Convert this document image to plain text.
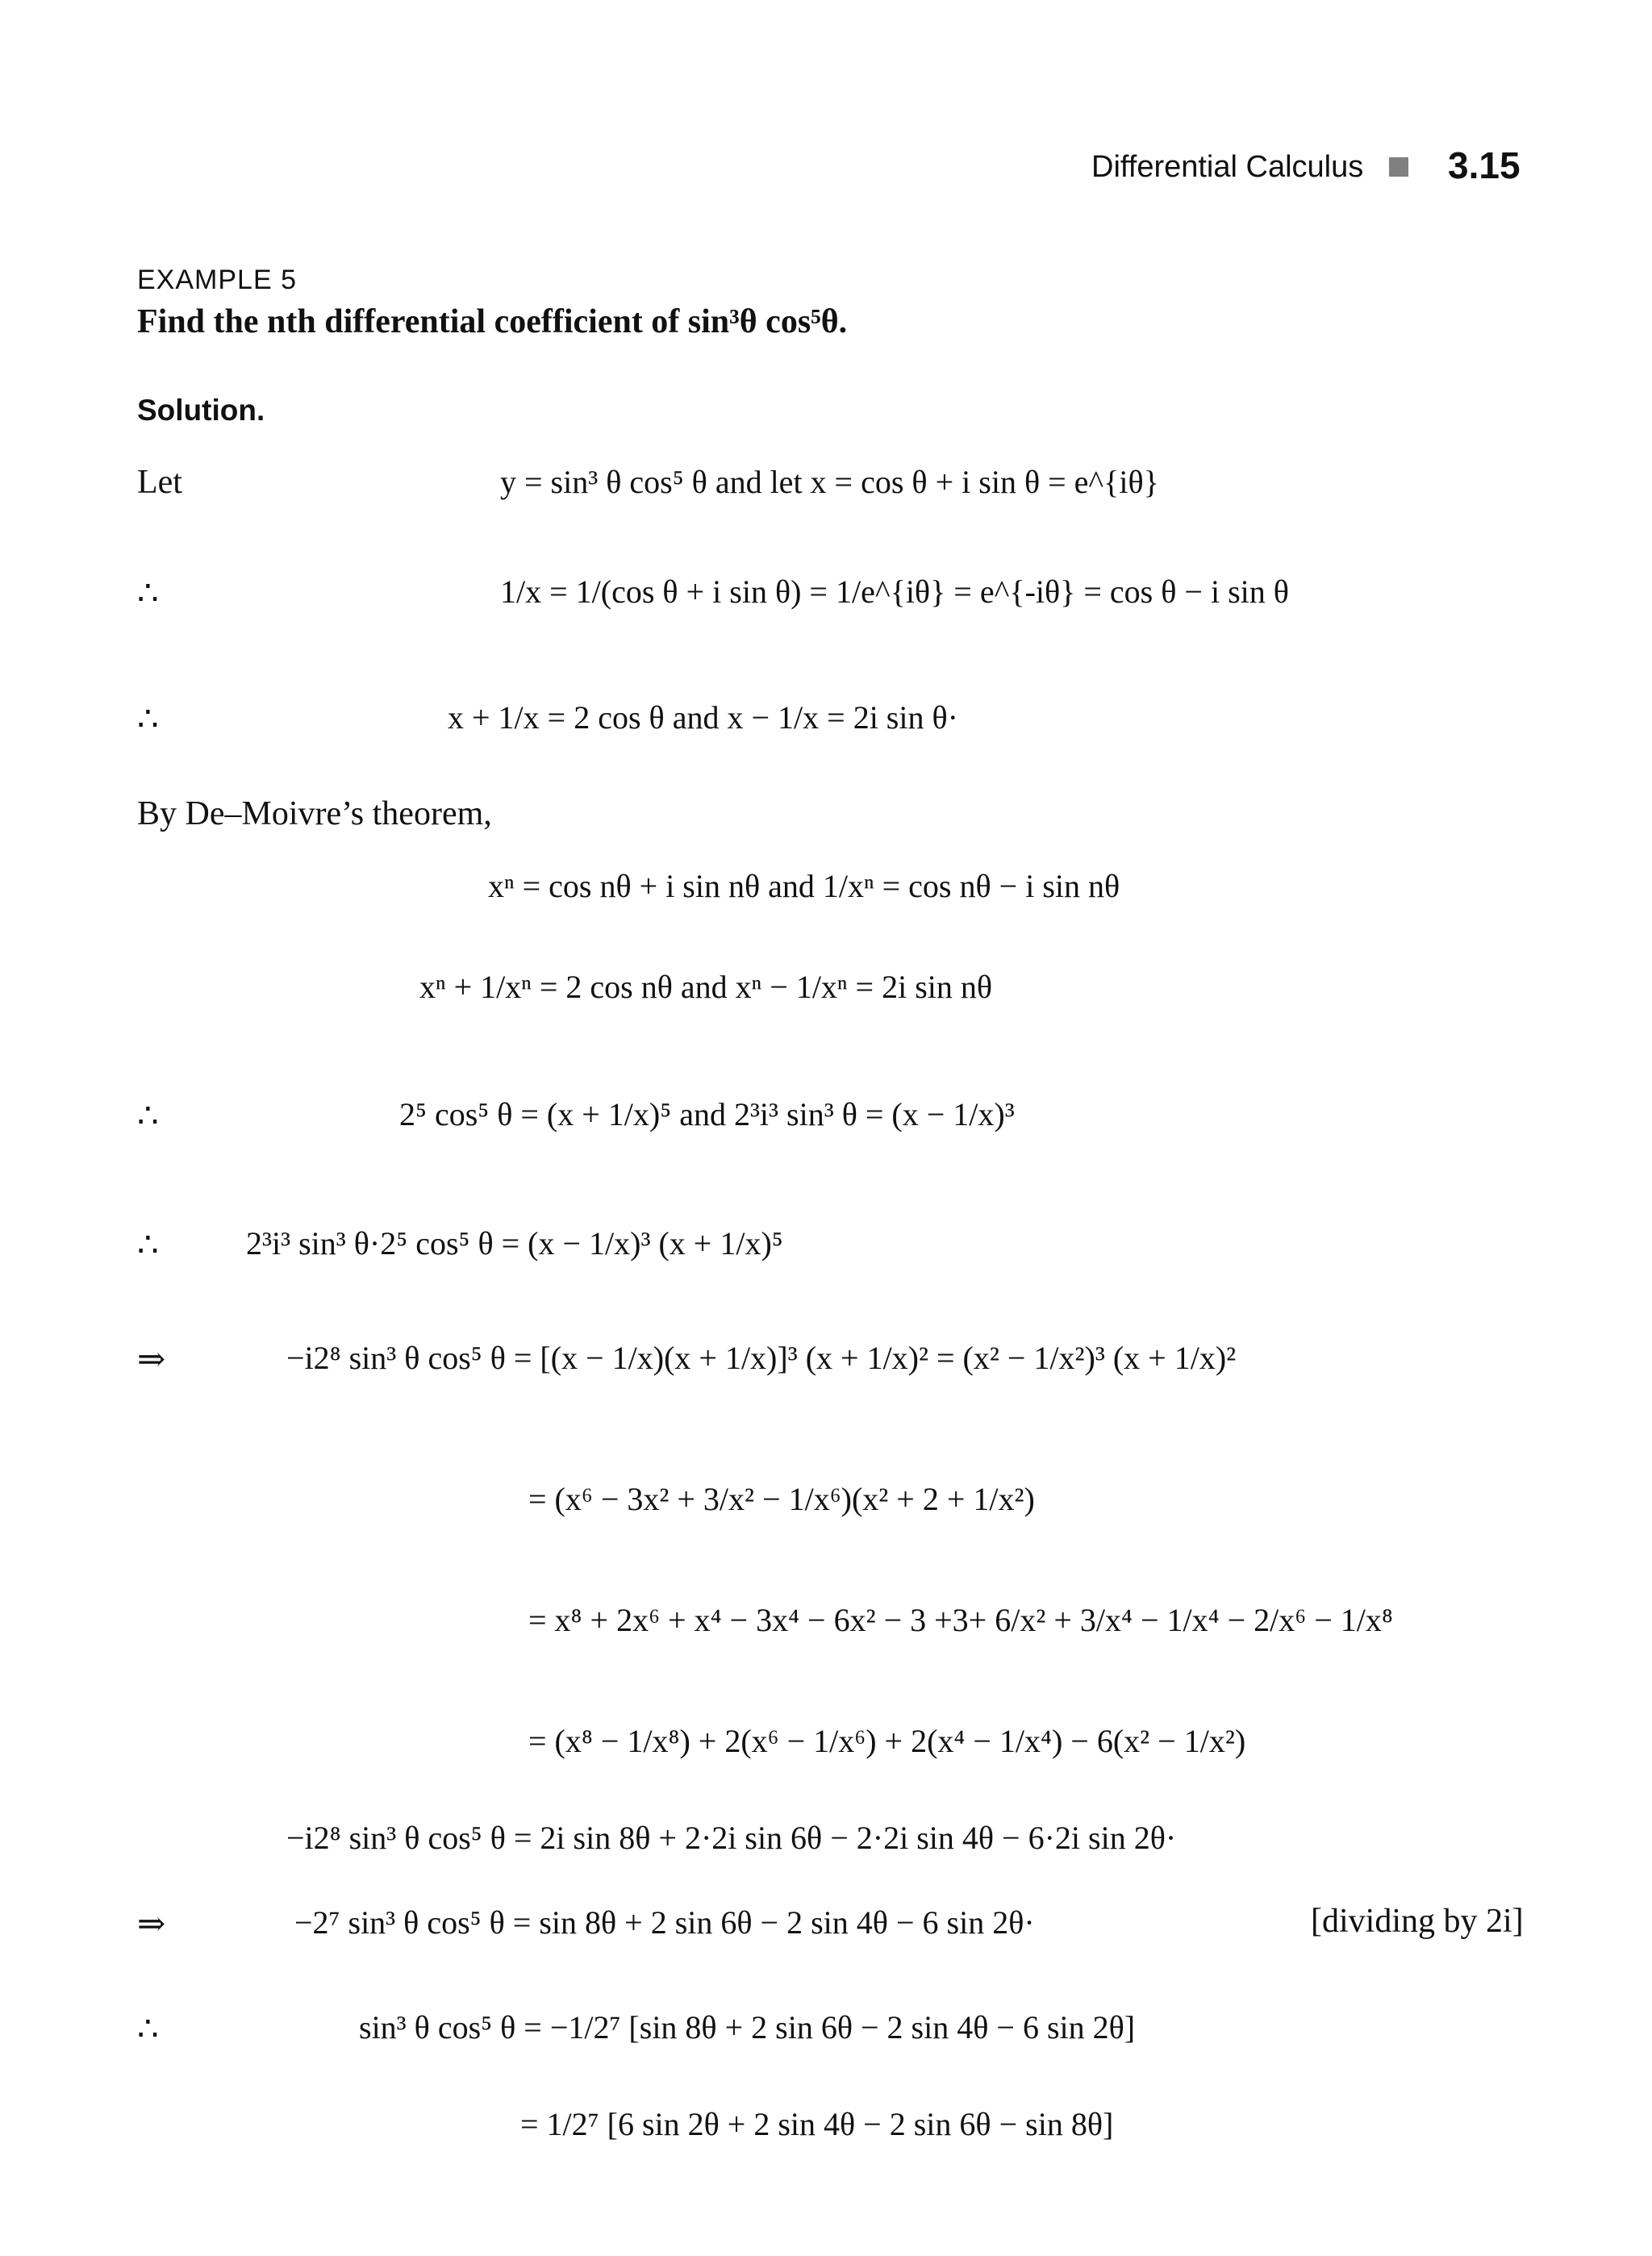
Differential Calculus 3.15
EXAMPLE 5
Find the nth differential coefficient of sin³θ cos⁵θ.
Solution.
Let
∴
∴
By De–Moivre’s theorem,
∴
∴
⇒
⇒
∴
y = sin³ θ cos⁵ θ and let x = cos θ + i sin θ = e^{iθ}
1/x = 1/(cos θ + i sin θ) = 1/e^{iθ} = e^{-iθ} = cos θ − i sin θ
x + 1/x = 2 cos θ and x − 1/x = 2i sin θ·
xⁿ = cos nθ + i sin nθ and 1/xⁿ = cos nθ − i sin nθ
xⁿ + 1/xⁿ = 2 cos nθ and xⁿ − 1/xⁿ = 2i sin nθ
2⁵ cos⁵ θ = (x + 1/x)⁵ and 2³i³ sin³ θ = (x − 1/x)³
2³i³ sin³ θ·2⁵ cos⁵ θ = (x − 1/x)³ (x + 1/x)⁵
−i2⁸ sin³ θ cos⁵ θ = [(x − 1/x)(x + 1/x)]³ (x + 1/x)² = (x² − 1/x²)³ (x + 1/x)²
= (x⁶ − 3x² + 3/x² − 1/x⁶)(x² + 2 + 1/x²)
= x⁸ + 2x⁶ + x⁴ − 3x⁴ − 6x² − 3 +3+ 6/x² + 3/x⁴ − 1/x⁴ − 2/x⁶ − 1/x⁸
= (x⁸ − 1/x⁸) + 2(x⁶ − 1/x⁶) + 2(x⁴ − 1/x⁴) − 6(x² − 1/x²)
−i2⁸ sin³ θ cos⁵ θ = 2i sin 8θ + 2·2i sin 6θ − 2·2i sin 4θ − 6·2i sin 2θ·
−2⁷ sin³ θ cos⁵ θ = sin 8θ + 2 sin 6θ − 2 sin 4θ − 6 sin 2θ·	[dividing by 2i]
sin³ θ cos⁵ θ = −1/2⁷ [sin 8θ + 2 sin 6θ − 2 sin 4θ − 6 sin 2θ]
= 1/2⁷ [6 sin 2θ + 2 sin 4θ − 2 sin 6θ − sin 8θ]
